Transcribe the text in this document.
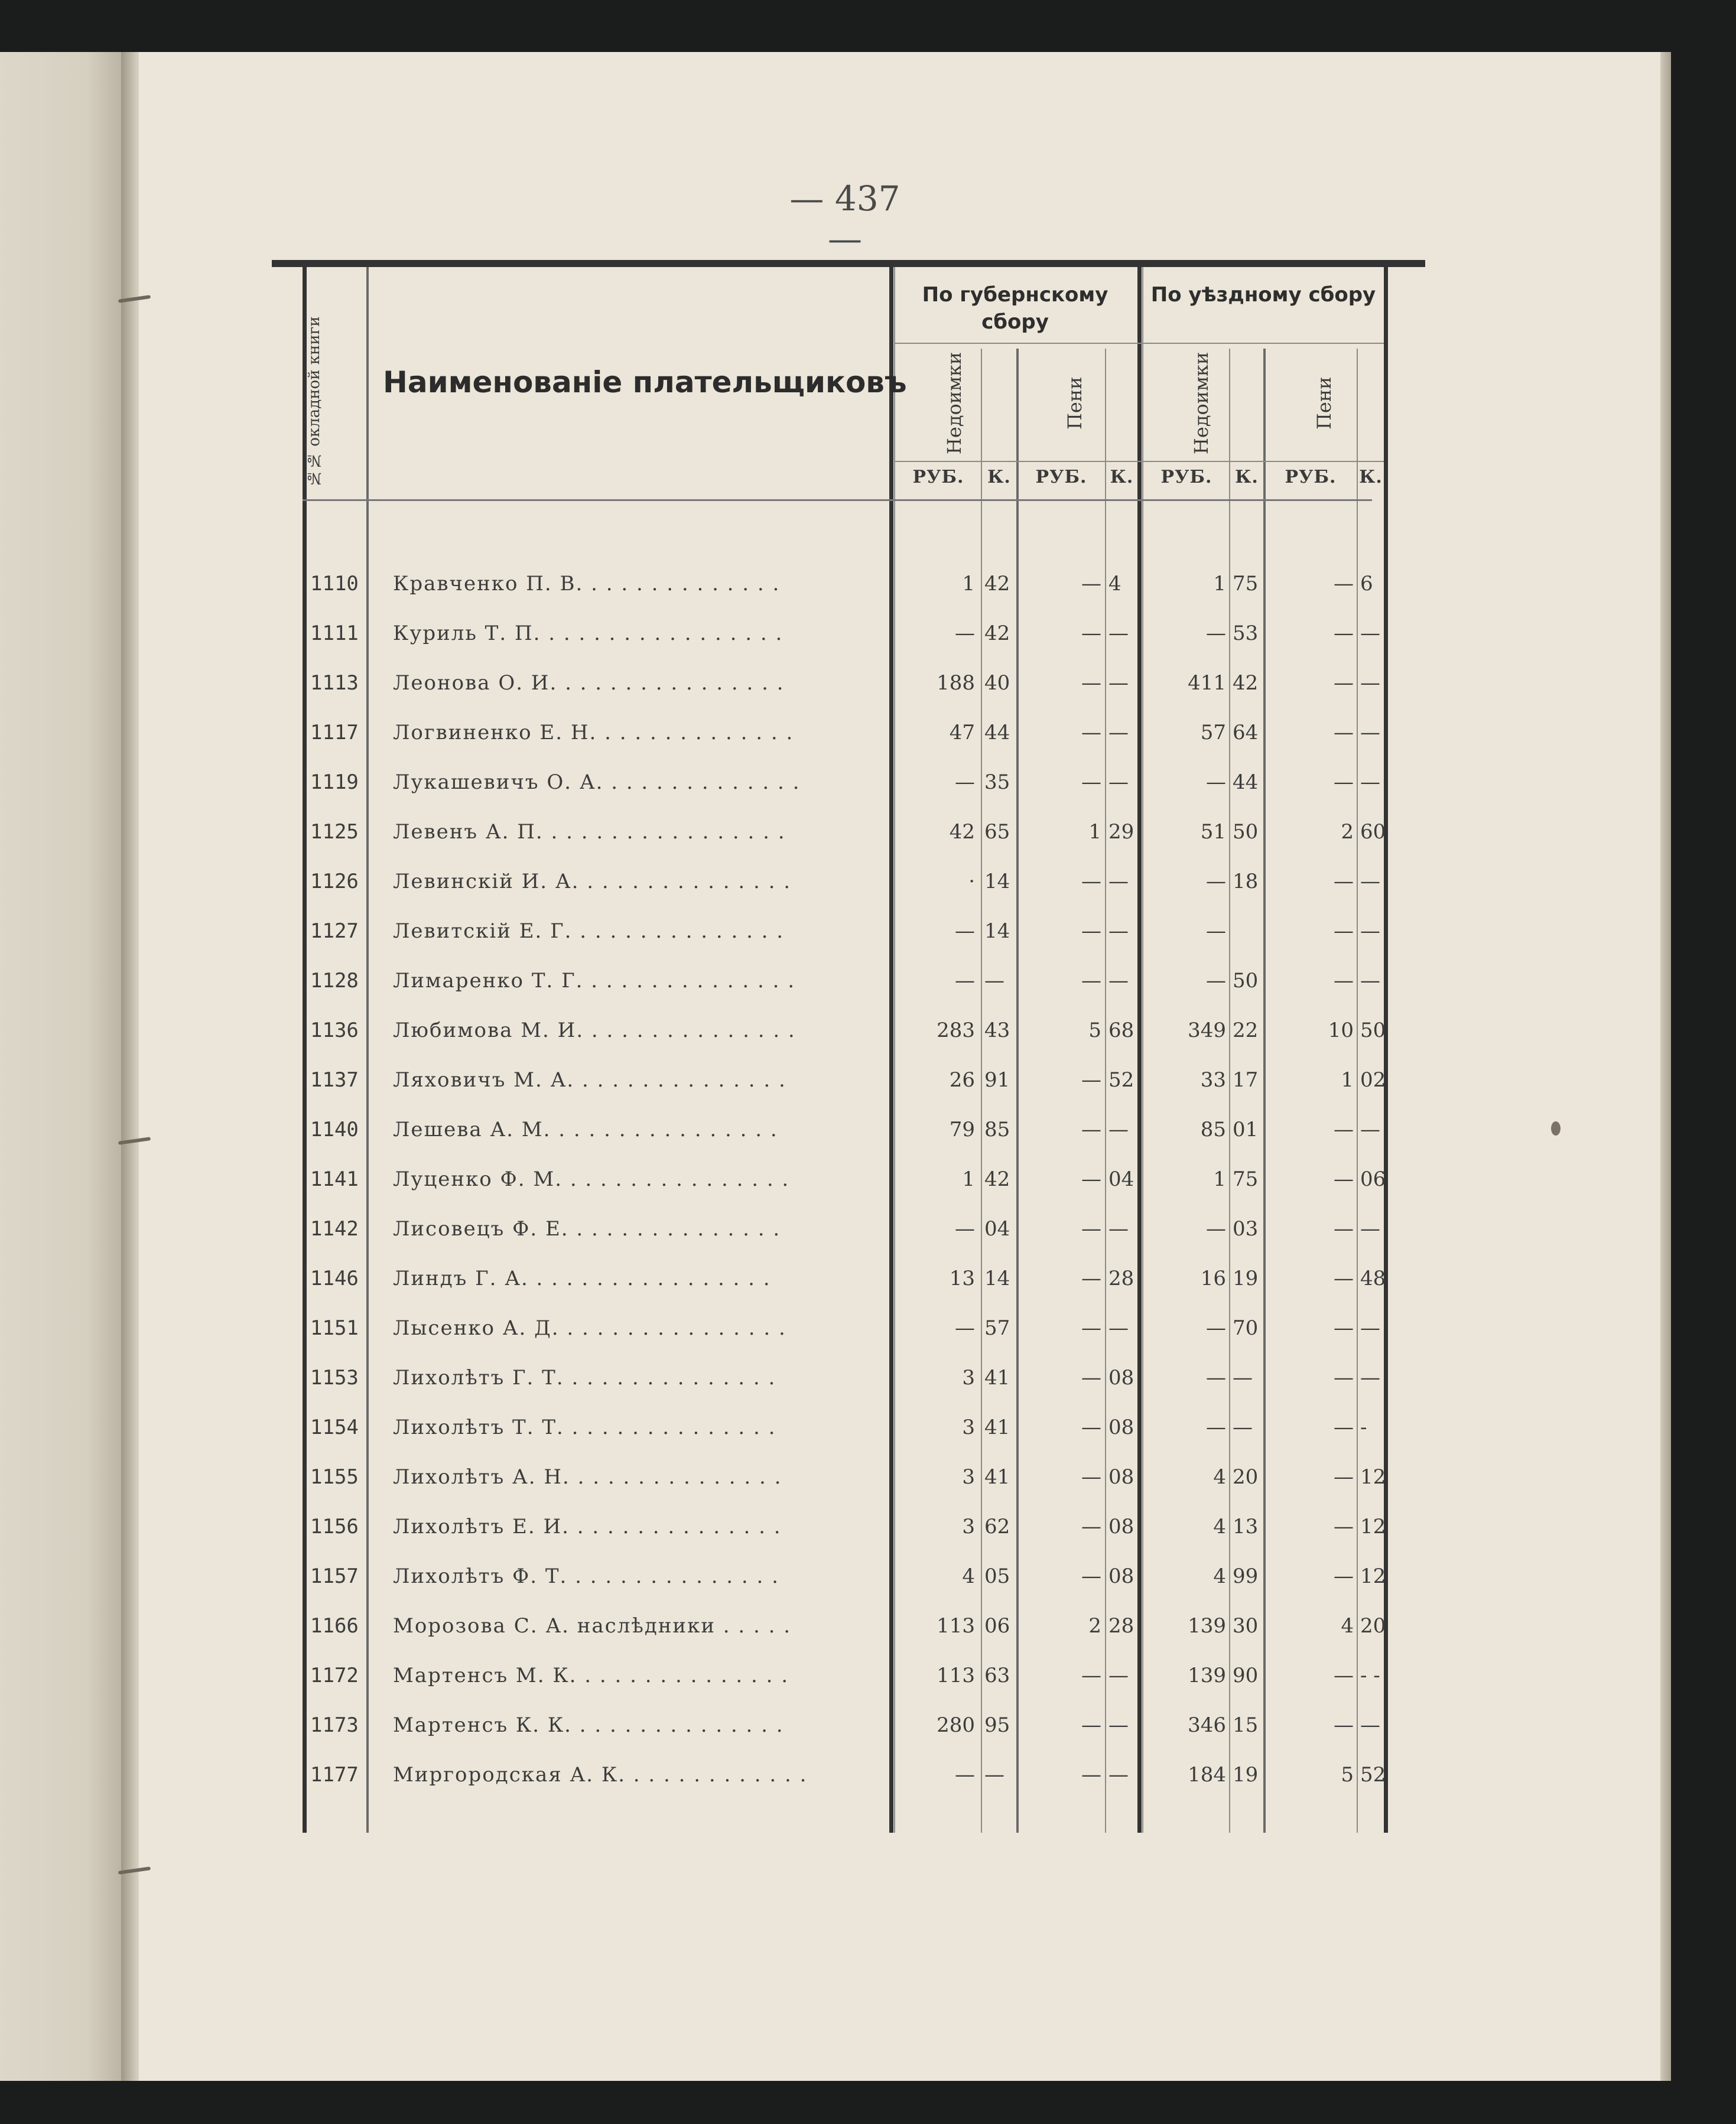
— 437 —
№№ окладной книги Наименованіе плательщиковъ
По губернскому сбору
По уѣздному сбору
Недоимки	Пени	Недоимки	Пени
РУБ.	К.	РУБ.	К.	РУБ.	К.	РУБ.	К.
1110	Кравченко П. В. . . . . . . . . . . . . .	1 42	— 4	1 75	— 6
1111	Куриль Т. П. . . . . . . . . . . . . . . . .	— 42	— —	— 53	— —
1113	Леонова О. И. . . . . . . . . . . . . . . .	188 40	— —	411 42	— —
1117	Логвиненко Е. Н. . . . . . . . . . . . . .	47 44	— —	57 64	— —
1119	Лукашевичъ О. А. . . . . . . . . . . . . .	— 35	— —	— 44	— —
1125	Левенъ А. П. . . . . . . . . . . . . . . . .	42 65	1 29	51 50	2 60
1126	Левинскій И. А. . . . . . . . . . . . . . .	· 14	— —	— 18	— —
1127	Левитскій Е. Г. . . . . . . . . . . . . . .	— 14	— —	—	— —
1128	Лимаренко Т. Г. . . . . . . . . . . . . . .	— —	— —	— 50	— —
1136	Любимова М. И. . . . . . . . . . . . . . .	283 43	5 68	349 22	10 50
1137	Ляховичъ М. А. . . . . . . . . . . . . . .	26 91	— 52	33 17	1 02
1140	Лешева А. М. . . . . . . . . . . . . . . .	79 85	— —	85 01	— —
1141	Луценко Ф. М. . . . . . . . . . . . . . . .	1 42	— 04	1 75	— 06
1142	Лисовецъ Ф. Е. . . . . . . . . . . . . . .	— 04	— —	— 03	— —
1146	Линдъ Г. А. . . . . . . . . . . . . . . . .	13 14	— 28	16 19	— 48
1151	Лысенко А. Д. . . . . . . . . . . . . . . .	— 57	— —	— 70	— —
1153	Лихолѣтъ Г. Т. . . . . . . . . . . . . . .	3 41	— 08	— —	— —
1154	Лихолѣтъ Т. Т. . . . . . . . . . . . . . .	3 41	— 08	— —	— -
1155	Лихолѣтъ А. Н. . . . . . . . . . . . . . .	3 41	— 08	4 20	— 12
1156	Лихолѣтъ Е. И. . . . . . . . . . . . . . .	3 62	— 08	4 13	— 12
1157	Лихолѣтъ Ф. Т. . . . . . . . . . . . . . .	4 05	— 08	4 99	— 12
1166	Морозова С. А. наслѣдники . . . . .	113 06	2 28	139 30	4 20
1172	Мартенсъ М. К. . . . . . . . . . . . . . .	113 63	— —	139 90	— - -
1173	Мартенсъ К. К. . . . . . . . . . . . . . .	280 95	— —	346 15	— —
1177	Миргородская А. К. . . . . . . . . . . . .	— —	— —	184 19	5 52
